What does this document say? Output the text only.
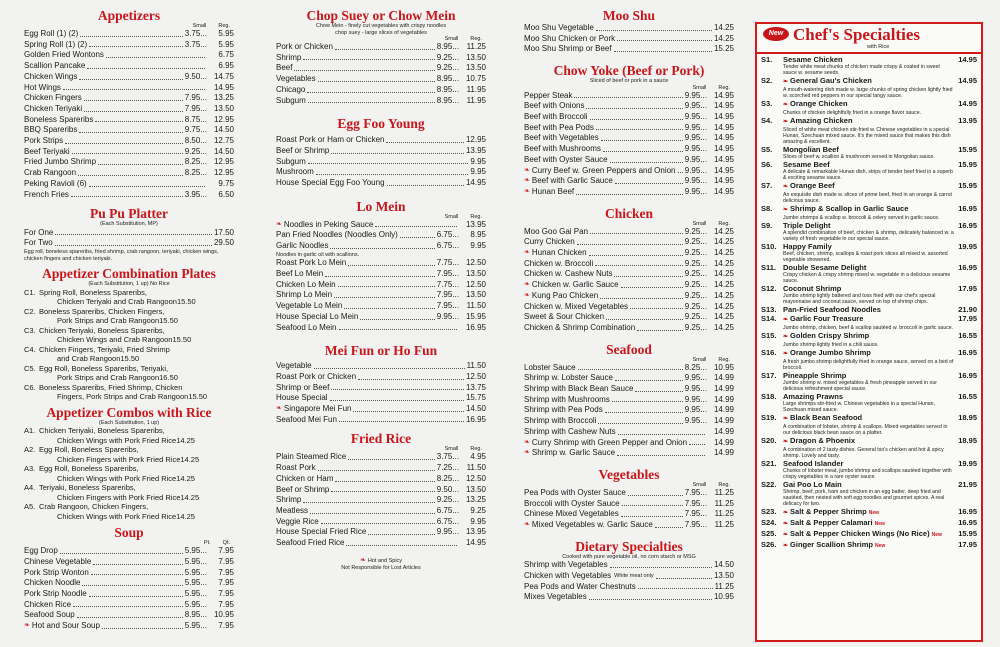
Appetizers
Small Reg.
Egg Roll (1) (2)	3.75 ...	5.95
Spring Roll (1) (2)	3.75 ...	5.95
Golden Fried Wontons	6.75
Scallion Pancake	6.95
Chicken Wings	9.50 ... 14.75
Hot Wings	14.95
Chicken Fingers	7.95 ... 13.25
Chicken Teriyaki	7.95 ... 13.50
Boneless Spareribs	8.75 ... 12.95
BBQ Spareribs	9.75 ... 14.50
Pork Strips	8.50 ... 12.75
Beef Teriyaki	9.25 ... 14.50
Fried Jumbo Shrimp	8.25 ... 12.95
Crab Rangoon	8.25 ... 12.95
Peking Ravioli (6)	9.75
French Fries	3.95 ...	6.50
Pu Pu Platter
(Each Substitution, MP)
For One	17.50
For Two	29.50
Egg roll, boneless spareribs, fried shrimp, crab rangoon, teriyaki, chicken wings, chicken fingers and chicken teriyaki.
Appetizer Combination Plates
(Each Substitution, 1 up) No Rice
C1. Spring Roll, Boneless Spareribs,
Chicken Teriyaki and Crab Rangoon 15.50
C2. Boneless Spareribs, Chicken Fingers,
Pork Strips and Crab Rangoon 15.50
C3. Chicken Teriyaki, Boneless Spareribs,
Chicken Wings and Crab Rangoon 15.50
C4. Chicken Fingers, Teriyaki, Fried Shrimp
and Crab Rangoon 15.50
C5. Egg Roll, Boneless Spareribs, Teriyaki,
Pork Strips and Crab Rangoon 16.50
C6. Boneless Spareribs, Fried Shrimp, Chicken
Fingers, Pork Strips and Crab Rangoon 15.50
Appetizer Combos with Rice
(Each Substitution, 1 up)
A1. Chicken Teriyaki, Boneless Spareribs,
Chicken Wings with Pork Fried Rice 14.25
A2. Egg Roll, Boneless Spareribs,
Chicken Fingers with Pork Fried Rice 14.25
A3. Egg Roll, Boneless Spareribs,
Chicken Wings with Pork Fried Rice 14.25
A4. Teriyaki, Boneless Spareribs,
Chicken Fingers with Pork Fried Rice 14.25
A5. Crab Rangoon, Chicken Fingers,
Chicken Wings with Pork Fried Rice 14.25
Soup
Pt. Qt.
Egg Drop	5.95 ...	7.95
Chinese Vegetable	5.95 ...	7.95
Pork Strip Wonton	5.95 ...	7.95
Chicken Noodle	5.95 ...	7.95
Pork Strip Noodle	5.95 ...	7.95
Chicken Rice	5.95 ...	7.95
Seafood Soup	8.95 ... 10.95
❧ Hot and Sour Soup	5.95 ...	7.95
Chop Suey or Chow Mein
Chow Mein - finely cut vegetables with crispy noodles
chop suey - large slices of vegetables
Small Reg.
Pork or Chicken	8.95 ... 11.25
Shrimp	9.25 ... 13.50
Beef	9.25 ... 13.50
Vegetables	8.95 ... 10.75
Chicago	8.95 ... 11.95
Subgum	8.95 ... 11.95
Egg Foo Young
Roast Pork or Ham or Chicken	12.95
Beef or Shrimp	13.95
Subgum	9.95
Mushroom	9.95
House Special Egg Foo Young	14.95
Lo Mein
Small Reg.
❧ Noodles in Peking Sauce	13.95
Pan Fried Noodles (Noodles Only)	6.75 ...	8.95
Garlic Noodles	6.75 ...	9.95
Noodles in garlic oil with scallions.
Roast Pork Lo Mein	7.75 ... 12.50
Beef Lo Mein	7.95 ... 13.50
Chicken Lo Mein	7.75 ... 12.50
Shrimp Lo Mein	7.95 ... 13.50
Vegetable Lo Mein	7.95 ... 11.50
House Special Lo Mein	9.95 ... 15.95
Seafood Lo Mein	16.95
Mei Fun or Ho Fun
Vegetable	11.50
Roast Pork or Chicken	12.50
Shrimp or Beef	13.75
House Special	15.75
❧ Singapore Mei Fun	14.50
Seafood Mei Fun	16.95
Fried Rice
Small Reg.
Plain Steamed Rice	3.75 ...	4.95
Roast Pork	7.25 ... 11.50
Chicken or Ham	8.25 ... 12.50
Beef or Shrimp	9.50 ... 13.50
Shrimp	9.25 ... 13.25
Meatless	6.75 ...	9.25
Veggie Rice	6.75 ...	9.95
House Special Fried Rice	9.95 ... 13.95
Seafood Fried Rice	14.95
❧ Hot and Spicy
Not Responsible for Lost Articles
Moo Shu
Moo Shu Vegetable	14.25
Moo Shu Chicken or Pork	14.25
Moo Shu Shrimp or Beef	15.25
Chow Yoke (Beef or Pork)
Sliced of beef or pork in a sauce
Small Reg.
Pepper Steak	9.95 ... 14.95
Beef with Onions	9.95 ... 14.95
Beef with Broccoli	9.95 ... 14.95
Beef with Pea Pods	9.95 ... 14.95
Beef with Vegetables	9.95 ... 14.95
Beef with Mushrooms	9.95 ... 14.95
Beef with Oyster Sauce	9.95 ... 14.95
❧ Curry Beef w. Green Peppers and Onion 9.95 ... 14.95
❧ Beef with Garlic Sauce	9.95 ... 14.95
❧ Hunan Beef	9.95 ... 14.95
Chicken
Small Reg.
Moo Goo Gai Pan	9.25 ... 14.25
Curry Chicken	9.25 ... 14.25
❧ Hunan Chicken	9.25 ... 14.25
Chicken w. Broccoli	9.25 ... 14.25
Chicken w. Cashew Nuts	9.25 ... 14.25
❧ Chicken w. Garlic Sauce	9.25 ... 14.25
❧ Kung Pao Chicken	9.25 ... 14.25
Chicken w. Mixed Vegetables	9.25 ... 14.25
Sweet & Sour Chicken	9.25 ... 14.25
Chicken & Shrimp Combination	9.25 ... 14.25
Seafood
Small Reg.
Lobster Sauce	8.25 ... 10.95
Shrimp w. Lobster Sauce	9.95 ... 14.99
Shrimp with Black Bean Sauce	9.95 ... 14.99
Shrimp with Mushrooms	9.95 ... 14.99
Shrimp with Pea Pods	9.95 ... 14.99
Shrimp with Broccoli	9.95 ... 14.99
Shrimp with Cashew Nuts	14.99
❧ Curry Shrimp with Green Pepper and Onion	14.99
❧ Shrimp w. Garlic Sauce	14.99
Vegetables
Small Reg.
Pea Pods with Oyster Sauce	7.95 ... 11.25
Broccoli with Oyster Sauce	7.95 ... 11.25
Chinese Mixed Vegetables	7.95 ... 11.25
❧ Mixed Vegetables w. Garlic Sauce	7.95 ... 11.25
Dietary Specialties
Cooked with pure vegetable oil, no corn starch or MSG
Shrimp with Vegetables	14.50
Chicken with Vegetables White meat only	13.50
Pea Pods and Water Chestnuts	11.25
Mixes Vegetables	10.95
New Chef's Specialties
with Rice
S1.	Sesame Chicken	14.95
Tender white meat chunks of chicken made crispy & coated in sweet sauce w. sesame seeds.
S2.	❧ General Gau's Chicken	14.95
A mouth-watering dish made w. large chunks of spring chicken lightly fried w. scorched red peppers in our special tangy sauce.
S3.	❧ Orange Chicken	14.95
Chunks of chicken delightfully fried in a orange flavor sauce.
S4.	❧ Amazing Chicken	13.95
Sliced of white meat chicken stir-fried w. Chinese vegetables in a special Hunan, Szechuan mixed sauce. It's the mixed sauce that makes this dish amazing & excellent.
S5.	Mongolian Beef	15.95
Slices of beef w. scallion & mushroom served in Mongolian sauce.
S6.	Sesame Beef	15.95
A delicate & remarkable Hunan dish, strips of tender beef fried in a superb & exciting sesame sauce.
S7.	❧ Orange Beef	15.95
An exquisite dish made w. slices of prime beef, fried in an orange & carrot delicious sauce.
S8.	❧ Shrimp & Scallop in Garlic Sauce	16.95
Jumbo shrimps & scallop w. broccoli & celery served in garlic sauce.
S9.	Triple Delight	16.95
A splendid combination of beef, chicken & shrimp, delicately balanced w. a variety of fresh vegetable in our special sauce.
S10. Happy Family	19.95
Beef, chicken, shrimp, scallops & roast pork slices all mixed w. assorted vegetable showered.
S11. Double Sesame Delight	16.95
Crispy chicken & crispy shrimp mixed w. vegetable in a delicious sesame sauce.
S12. Coconut Shrimp	17.95
Jumbo shrimp lightly battered and toss fried with our chef's special mayonnaise and coconut sauce, served on top of shrimp chips.
S13. Pan-Fried Seafood Noodles	21.90
S14.	❧ Garlic Four Treasure	17.95
Jumbo shrimp, chicken, beef & scallop sautéed w. broccoli in garlic sauce.
S15.	❧ Golden Crispy Shrimp	16.55
Jumbo shrimp lightly fried in a chili sauce.
S16.	❧ Orange Jumbo Shrimp	16.95
A fresh jumbo shrimp delightfully fried in orange sauce, served on a bed of broccoli.
S17. Pineapple Shrimp	16.95
Jumbo shrimp w. mixed vegetables & fresh pineapple served in our delicious refreshment special sauce.
S18. Amazing Prawns	16.55
Large shrimps stir-fried w. Chinese vegetables in a special Hunan, Szechuan mixed sauce.
S19.	❧ Black Bean Seafood	18.95
A combination of lobster, shrimp & scallops. Mixed vegetables served in our delicious black bean sauce on a platter.
S20.	❧ Dragon & Phoenix	18.95
A combination of 2 tasty dishes. General tso's chicken and hot & spicy shrimp. Lovely and tasty.
S21. Seafood Islander	19.95
Chunks of lobster meat, jumbo shrimp and scallops sautéed together with crispy vegetables in a rare oyster sauce.
S22. Gai Poo Lo Main	21.95
Shrimp, beef, pork, ham and chicken in an egg batter, deep fried and sautéed, then nested with soft egg noodles and gourmet spices. A real delicacy for two.
S23.	❧ Salt & Pepper Shrimp New	16.95
S24.	❧ Salt & Pepper Calamari New	16.95
S25.	❧ Salt & Pepper Chicken Wings (No Rice) New	15.95
S26.	❧ Ginger Scallion Shrimp New	17.95
